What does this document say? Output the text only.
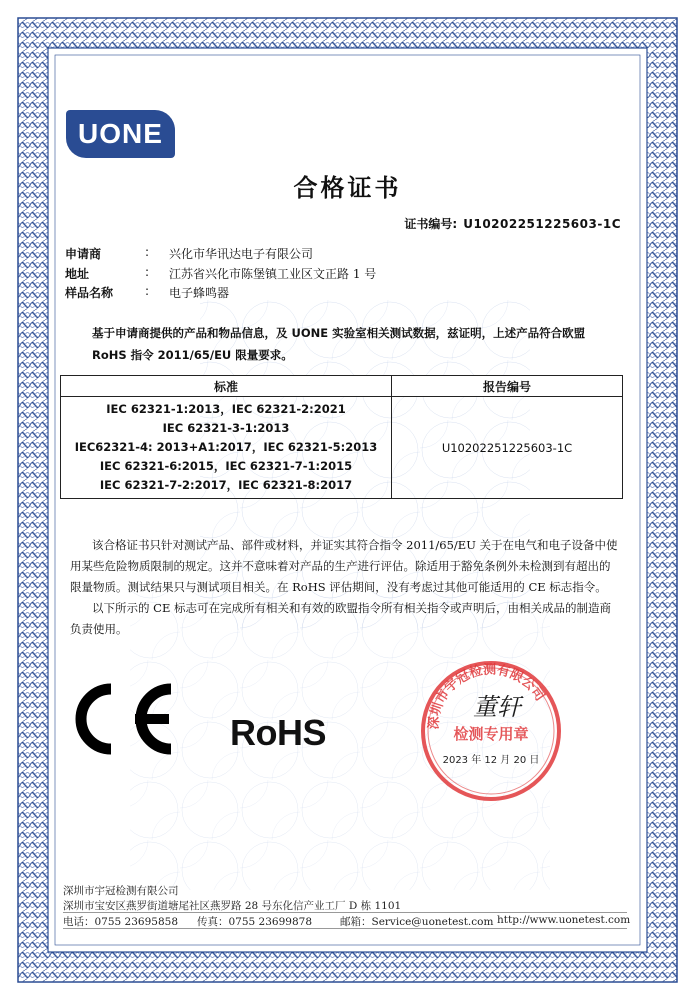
UONE
合格证书
证书编号: U10202251225603-1C
申请商	:	兴化市华讯达电子有限公司
地址	:	江苏省兴化市陈堡镇工业区文正路 1 号
样品名称	:	电子蜂鸣器
基于申请商提供的产品和物品信息，及 UONE 实验室相关测试数据，兹证明，上述产品符合欧盟
RoHS 指令 2011/65/EU 限量要求。
标准	报告编号

IEC 62321-1:2013，IEC 62321-2:2021
IEC 62321-3-1:2013
IEC62321-4: 2013+A1:2017，IEC 62321-5:2013
IEC 62321-6:2015，IEC 62321-7-1:2015
IEC 62321-7-2:2017，IEC 62321-8:2017	U10202251225603-1C
该合格证书只针对测试产品、部件或材料，并证实其符合指令 2011/65/EU 关于在电气和电子设备中使
用某些危险物质限制的规定。这并不意味着对产品的生产进行评估。除适用于豁免条例外未检测到有超出的
限量物质。测试结果只与测试项目相关。在 RoHS 评估期间，没有考虑过其他可能适用的 CE 标志指令。
以下所示的 CE 标志可在完成所有相关和有效的欧盟指令所有相关指令或声明后，由相关成品的制造商
负责使用。
RoHS	深圳市宇冠检测有限公司
检测专用章
董轩
2023 年 12 月 20 日
深圳市宇冠检测有限公司
深圳市宝安区燕罗街道塘尾社区燕罗路 28 号东化信产业工厂 D 栋 1101
电话：0755 23695858 传真：0755 23699878	邮箱：Service@uonetest.com http://www.uonetest.com
